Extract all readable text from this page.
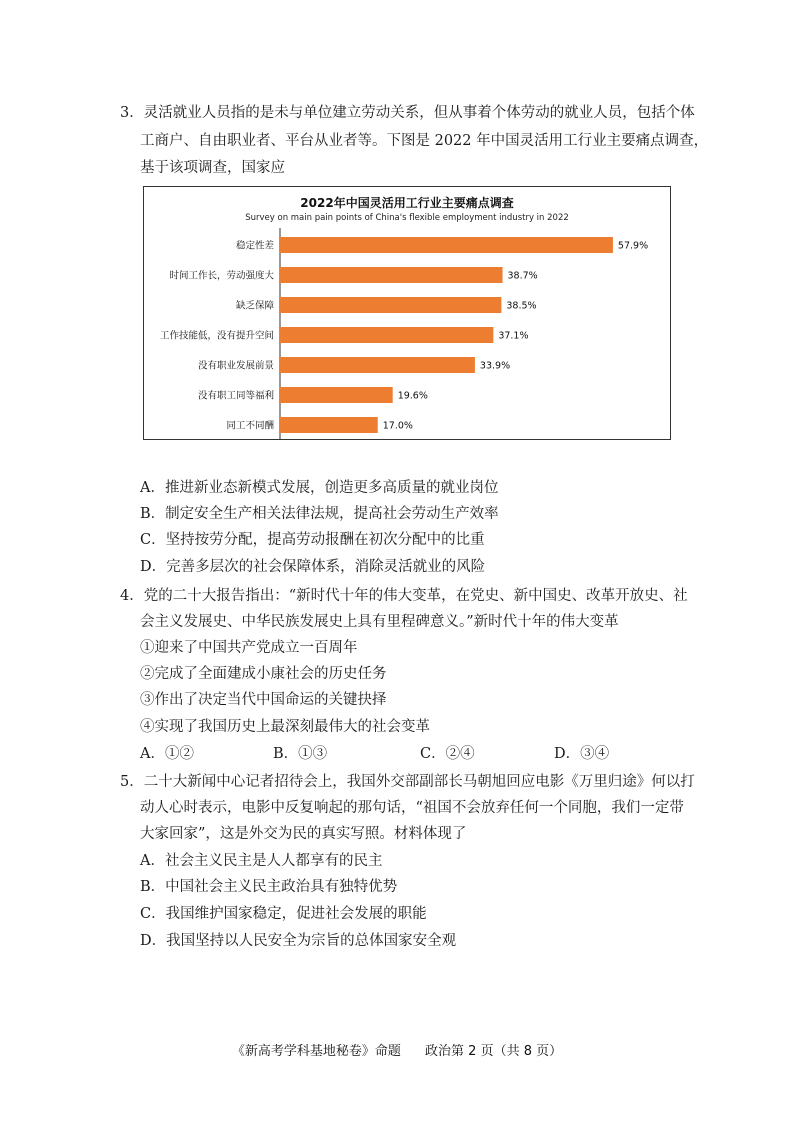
3．灵活就业人员指的是未与单位建立劳动关系，但从事着个体劳动的就业人员，包括个体
工商户、自由职业者、平台从业者等。下图是 2022 年中国灵活用工行业主要痛点调查，
基于该项调查，国家应
2022年中国灵活用工行业主要痛点调查
Survey on main pain points of China's flexible employment industry in 2022
稳定性差	57.9%
时间工作长，劳动强度大	38.7%
缺乏保障	38.5%
工作技能低，没有提升空间	37.1%
没有职业发展前景	33.9%
没有职工同等福利	19.6%
同工不同酬	17.0%
A．推进新业态新模式发展，创造更多高质量的就业岗位
B．制定安全生产相关法律法规，提高社会劳动生产效率
C．坚持按劳分配，提高劳动报酬在初次分配中的比重
D．完善多层次的社会保障体系，消除灵活就业的风险
4．党的二十大报告指出：“新时代十年的伟大变革，在党史、新中国史、改革开放史、社
会主义发展史、中华民族发展史上具有里程碑意义。”新时代十年的伟大变革
①迎来了中国共产党成立一百周年
②完成了全面建成小康社会的历史任务
③作出了决定当代中国命运的关键抉择
④实现了我国历史上最深刻最伟大的社会变革
A．①②	B．①③	C．②④	D．③④
5．二十大新闻中心记者招待会上，我国外交部副部长马朝旭回应电影《万里归途》何以打
动人心时表示，电影中反复响起的那句话，“祖国不会放弃任何一个同胞，我们一定带
大家回家”，这是外交为民的真实写照。材料体现了
A．社会主义民主是人人都享有的民主
B．中国社会主义民主政治具有独特优势
C．我国维护国家稳定，促进社会发展的职能
D．我国坚持以人民安全为宗旨的总体国家安全观
《新高考学科基地秘卷》命题 政治第 2 页（共 8 页）
